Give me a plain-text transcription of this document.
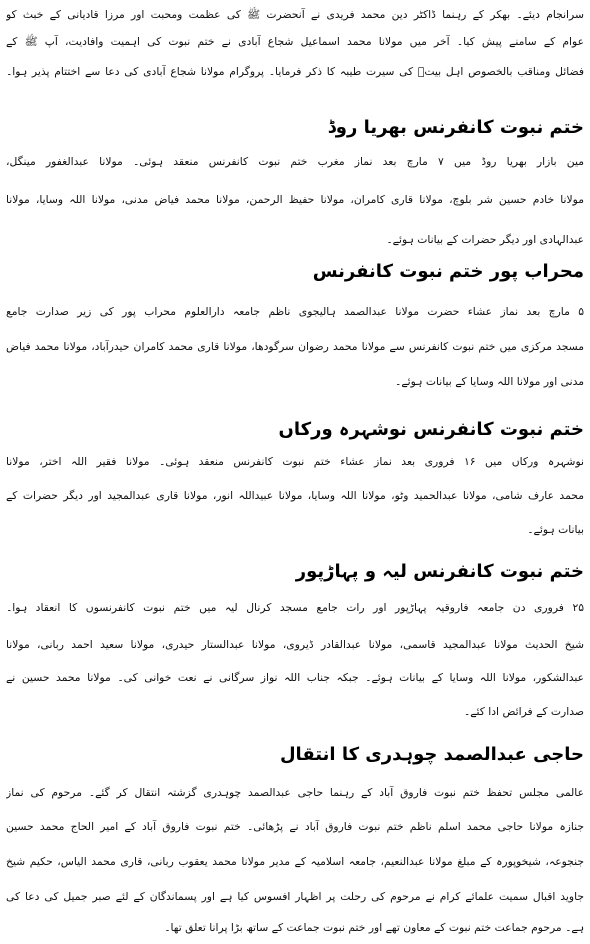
سرانجام دیئے۔ بھکر کے رہنما ڈاکٹر دین محمد فریدی نے آنحضرت ﷺ کی عظمت ومحبت اور مرزا قادیانی کے خبث کو
عوام کے سامنے پیش کیا۔ آخر میں مولانا محمد اسماعیل شجاع آبادی نے ختم نبوت کی اہمیت وافادیت، آپ ﷺ کے
فضائل ومناقب بالخصوص اہل بیتؓ کی سیرت طیبہ کا ذکر فرمایا۔ پروگرام مولانا شجاع آبادی کی دعا سے اختتام پذیر ہوا۔
ختم نبوت کانفرنس بھریا روڈ
مین بازار بھریا روڈ میں ۷ مارچ بعد نماز مغرب ختم نبوت کانفرنس منعقد ہوئی۔ مولانا عبدالغفور مینگل،
مولانا خادم حسین شر بلوچ، مولانا قاری کامران، مولانا حفیظ الرحمن، مولانا محمد فیاض مدنی، مولانا اللہ وسایا، مولانا
عبدالہادی اور دیگر حضرات کے بیانات ہوئے۔
محراب پور ختم نبوت کانفرنس
۵ مارچ بعد نماز عشاء حضرت مولانا عبدالصمد ہالیجوی ناظم جامعہ دارالعلوم محراب پور کی زیر صدارت جامع
مسجد مرکزی میں ختم نبوت کانفرنس سے مولانا محمد رضوان سرگودھا، مولانا قاری محمد کامران حیدرآباد، مولانا محمد فیاض
مدنی اور مولانا اللہ وسایا کے بیانات ہوئے۔
ختم نبوت کانفرنس نوشہرہ ورکاں
نوشہرہ ورکاں میں ۱۶ فروری بعد نماز عشاء ختم نبوت کانفرنس منعقد ہوئی۔ مولانا فقیر اللہ اختر، مولانا
محمد عارف شامی، مولانا عبدالحمید وٹو، مولانا اللہ وسایا، مولانا عبیداللہ انور، مولانا قاری عبدالمجید اور دیگر حضرات کے
بیانات ہوئے۔
ختم نبوت کانفرنس لیہ و پہاڑپور
۲۵ فروری دن جامعہ فاروقیہ پہاڑپور اور رات جامع مسجد کرنال لیہ میں ختم نبوت کانفرنسوں کا انعقاد ہوا۔
شیخ الحدیث مولانا عبدالمجید قاسمی، مولانا عبدالقادر ڈیروی، مولانا عبدالستار حیدری، مولانا سعید احمد ربانی، مولانا
عبدالشکور، مولانا اللہ وسایا کے بیانات ہوئے۔ جبکہ جناب اللہ نواز سرگانی نے نعت خوانی کی۔ مولانا محمد حسین نے
صدارت کے فرائض ادا کئے۔
حاجی عبدالصمد چوہدری کا انتقال
عالمی مجلس تحفظ ختم نبوت فاروق آباد کے رہنما حاجی عبدالصمد چوہدری گزشتہ انتقال کر گئے۔ مرحوم کی نماز
جنازہ مولانا حاجی محمد اسلم ناظم ختم نبوت فاروق آباد نے پڑھائی۔ ختم نبوت فاروق آباد کے امیر الحاج محمد حسین
جنجوعہ، شیخوپورہ کے مبلغ مولانا عبدالنعیم، جامعہ اسلامیہ کے مدیر مولانا محمد یعقوب ربانی، قاری محمد الیاس، حکیم شیخ
جاوید اقبال سمیت علمائے کرام نے مرحوم کی رحلت پر اظہار افسوس کیا ہے اور پسماندگان کے لئے صبر جمیل کی دعا کی
ہے۔ مرحوم جماعت ختم نبوت کے معاون تھے اور ختم نبوت جماعت کے ساتھ بڑا پرانا تعلق تھا۔
